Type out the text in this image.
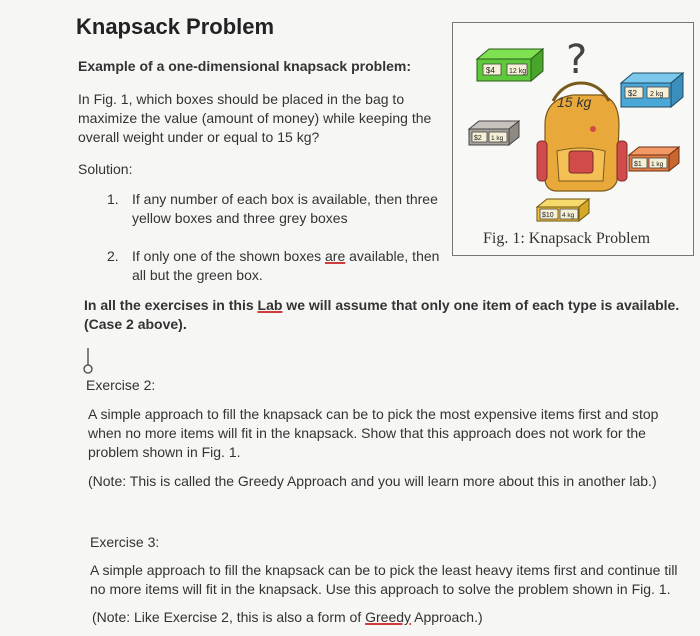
Knapsack Problem
Example of a one-dimensional knapsack problem:
In Fig. 1, which boxes should be placed in the bag to
maximize the value (amount of money) while keeping the
overall weight under or equal to 15 kg?
Solution:
1. If any number of each box is available, then three
yellow boxes and three grey boxes
2. If only one of the shown boxes are available, then
all but the green box.
In all the exercises in this Lab we will assume that only one item of each type is available.
(Case 2 above).
Exercise 2:
A simple approach to fill the knapsack can be to pick the most expensive items first and stop
when no more items will fit in the knapsack. Show that this approach does not work for the
problem shown in Fig. 1.
(Note: This is called the Greedy Approach and you will learn more about this in another lab.)
Exercise 3:
A simple approach to fill the knapsack can be to pick the least heavy items first and continue till
no more items will fit in the knapsack. Use this approach to solve the problem shown in Fig. 1.
(Note: Like Exercise 2, this is also a form of Greedy Approach.)
$4 12 kg ?
$2 2 kg
15 kg
$2 1 kg
$1 1 kg
$10 4 kg
Fig. 1: Knapsack Problem
